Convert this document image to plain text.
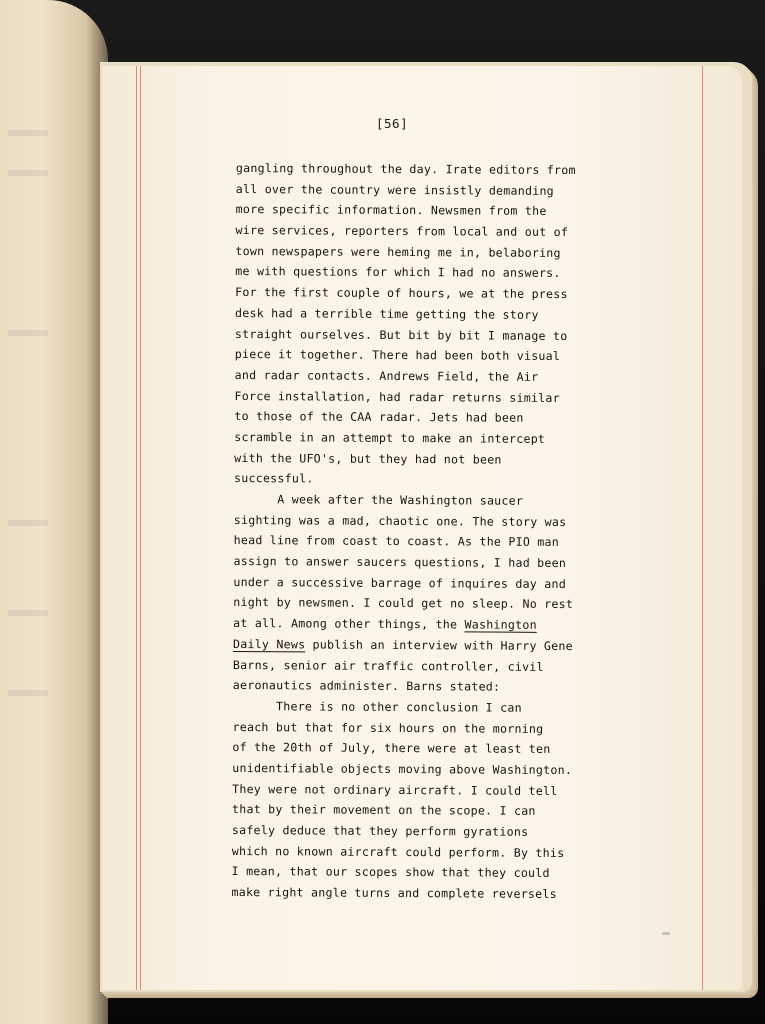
[56]
gangling throughout the day. Irate editors from
all over the country were insistly demanding
more specific information. Newsmen from the
wire services, reporters from local and out of
town newspapers were heming me in, belaboring
me with questions for which I had no answers.
For the first couple of hours, we at the press
desk had a terrible time getting the story
straight ourselves. But bit by bit I manage to
piece it together. There had been both visual
and radar contacts. Andrews Field, the Air
Force installation, had radar returns similar
to those of the CAA radar. Jets had been
scramble in an attempt to make an intercept
with the UFO's, but they had not been
successful.
A week after the Washington saucer
sighting was a mad, chaotic one. The story was
head line from coast to coast. As the PIO man
assign to answer saucers questions, I had been
under a successive barrage of inquires day and
night by newsmen. I could get no sleep. No rest
at all. Among other things, the Washington
Daily News publish an interview with Harry Gene
Barns, senior air traffic controller, civil
aeronautics administer. Barns stated:
There is no other conclusion I can
reach but that for six hours on the morning
of the 20th of July, there were at least ten
unidentifiable objects moving above Washington.
They were not ordinary aircraft. I could tell
that by their movement on the scope. I can
safely deduce that they perform gyrations
which no known aircraft could perform. By this
I mean, that our scopes show that they could
make right angle turns and complete reversels
